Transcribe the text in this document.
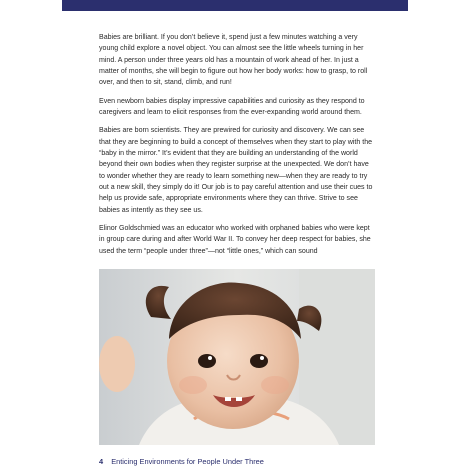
Babies are brilliant. If you don’t believe it, spend just a few minutes watching a very young child explore a novel object. You can almost see the little wheels turning in her mind. A person under three years old has a mountain of work ahead of her. In just a matter of months, she will begin to figure out how her body works: how to grasp, to roll over, and then to sit, stand, climb, and run!

Even newborn babies display impressive capabilities and curiosity as they respond to caregivers and learn to elicit responses from the ever-expanding world around them.

Babies are born scientists. They are prewired for curiosity and discovery. We can see that they are beginning to build a concept of themselves when they start to play with the “baby in the mirror.” It’s evident that they are building an understanding of the world beyond their own bodies when they register surprise at the unexpected. We don’t have to wonder whether they are ready to learn something new—when they are ready to try out a new skill, they simply do it! Our job is to pay careful attention and use their cues to help us provide safe, appropriate environments where they can thrive. Strive to see babies as intently as they see us.

Elinor Goldschmied was an educator who worked with orphaned babies who were kept in group care during and after World War II. To convey her deep respect for babies, she used the term “people under three”—not “little ones,” which can sound

4 Enticing Environments for People Under Three
